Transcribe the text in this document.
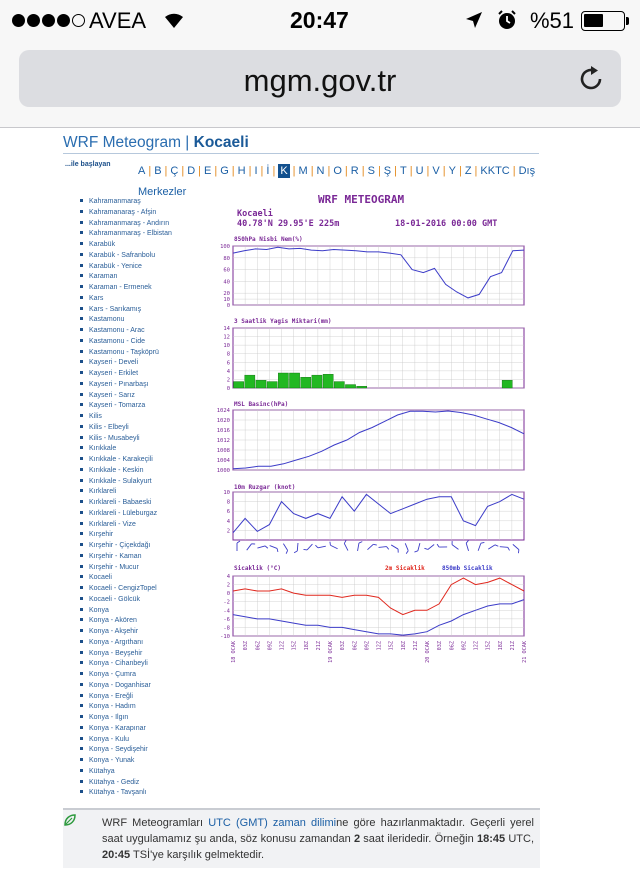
AVEA	20:47	%51
mgm.gov.tr
WRF Meteogram | Kocaeli
...ile başlayan
A | B | Ç | D | E | G | H | I | İ | K | M | N | O | R | S | Ş | T | U | V | Y | Z | KKTC | Dış Merkezler
Kahramanmaraş
Kahramanaraş - Afşin
Kahramanmaraş - Andırın
Kahramanmaraş - Elbistan
Karabük
Karabük - Safranbolu
Karabük - Yenice
Karaman
Karaman - Ermenek
Kars
Kars - Sarıkamış
Kastamonu
Kastamonu - Arac
Kastamonu - Cide
Kastamonu - Taşköprü
Kayseri - Develi
Kayseri - Erkilet
Kayseri - Pınarbaşı
Kayseri - Sarız
Kayseri - Tomarza
Kilis
Kilis - Elbeyli
Kilis - Musabeyli
Kırıkkale
Kırıkkale - Karakeçili
Kırıkkale - Keskin
Kırıkkale - Sulakyurt
Kırklareli
Kırklareli - Babaeski
Kırklareli - Lüleburgaz
Kırklareli - Vize
Kırşehir
Kırşehir - Çiçekdağı
Kırşehir - Kaman
Kırşehir - Mucur
Kocaeli
Kocaeli - CengizTopel
Kocaeli - Gölcük
Konya
Konya - Akören
Konya - Akşehir
Konya - Argıthanı
Konya - Beyşehir
Konya - Cihanbeyli
Konya - Çumra
Konya - Doganhisar
Konya - Ereğli
Konya - Hadım
Konya - Ilgın
Konya - Karapınar
Konya - Kulu
Konya - Seydişehir
Konya - Yunak
Kütahya
Kütahya - Gediz
Kütahya - Tavşanlı
WRF METEOGRAM
Kocaeli
40.78'N 29.95'E 225m	18-01-2016 00:00 GMT
850hPa Nisbi Nem(%)
3 Saatlik Yagis Miktari(mm)
MSL Basinc(hPa)
10m Ruzgar (knot)
Sicaklik (°C)	2m Sicaklik	850mb Sicaklik
0
10
20
40
60
80
100
0
2
4
6
8
10
12
14
1000
1004
1008
1012
1016
1020
1024
2
4
6
8
10
4
2
0
-2
-4
-6
-8
-10
18 OCAK 03Z 06Z 09Z 12Z 15Z 18Z 21Z 19 OCAK 03Z 06Z 09Z 12Z 15Z 18Z 21Z 20 OCAK 03Z 06Z 09Z 12Z 15Z 18Z 21Z 21 OCAK
WRF Meteogramları UTC (GMT) zaman dilimine göre hazırlanmaktadır. Geçerli yerel saat uygulamamız şu anda, söz konusu zamandan 2 saat ileridedir. Örneğin 18:45 UTC, 20:45 TSİ'ye karşılık gelmektedir.
